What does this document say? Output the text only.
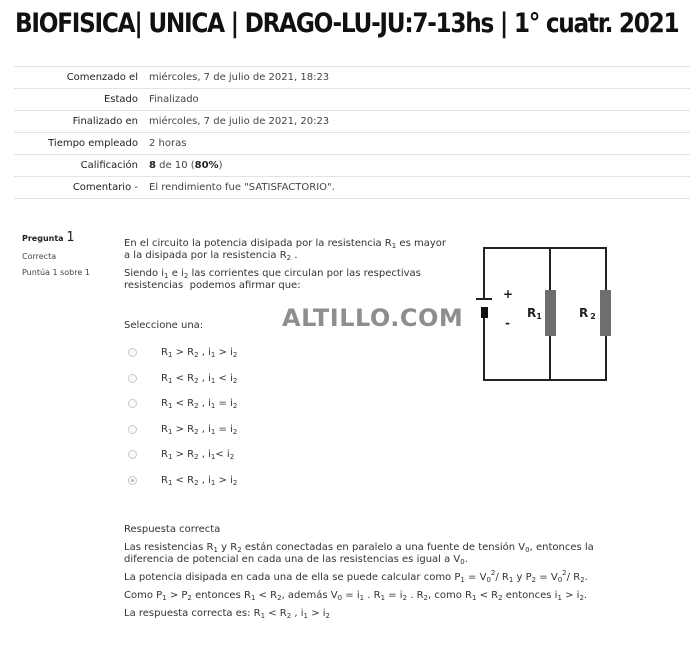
BIOFISICA| UNICA | DRAGO-LU-JU:7-13hs | 1° cuatr. 2021
Comenzado el	miércoles, 7 de julio de 2021, 18:23
Estado	Finalizado
Finalizado en	miércoles, 7 de julio de 2021, 20:23
Tiempo empleado	2 horas
Calificación	8 de 10 (80%)
Comentario -	El rendimiento fue "SATISFACTORIO".
Pregunta 1
Correcta
Puntúa 1 sobre 1

En el circuito la potencia disipada por la resistencia $R_1$ es mayor a la disipada por la resistencia $R_2$ .

Siendo $i_1$ e $i_2$ las corrientes que circulan por las respectivas resistencias  podemos afirmar que:

Seleccione una:
$R_1 > R_2$ , $i_1 > i_2$
$R_1 < R_2$ , $i_1 < i_2$
$R_1 < R_2$ , $i_1 = i_2$
$R_1 > R_2$ , $i_1 = i_2$
$R_1 > R_2$ , $i_1< i_2$
$R_1 < R_2$ , $i_1 > i_2$
+
-
R1	R 2
ALTILLO.COM

Respuesta correcta

Las resistencias $R_1$ y $R_2$ están conectadas en paralelo a una fuente de tensión $V_0$, entonces la diferencia de potencial en cada una de las resistencias es igual a $V_0$.

La potencia disipada en cada una de ella se puede calcular como $P_1 = V_0^2/$ $R_1$ y $P_2 = V_0^2/$ $R_2$.

Como $P_1 > P_2$ entonces $R_1 < R_2$, además $V_0 = i_1$ . $R_1 = i_2$ . $R_2$, como $R_1 < R_2$ entonces $i_1 > i_2$.

La respuesta correcta es: $R_1 < R_2$ , $i_1 > i_2$
